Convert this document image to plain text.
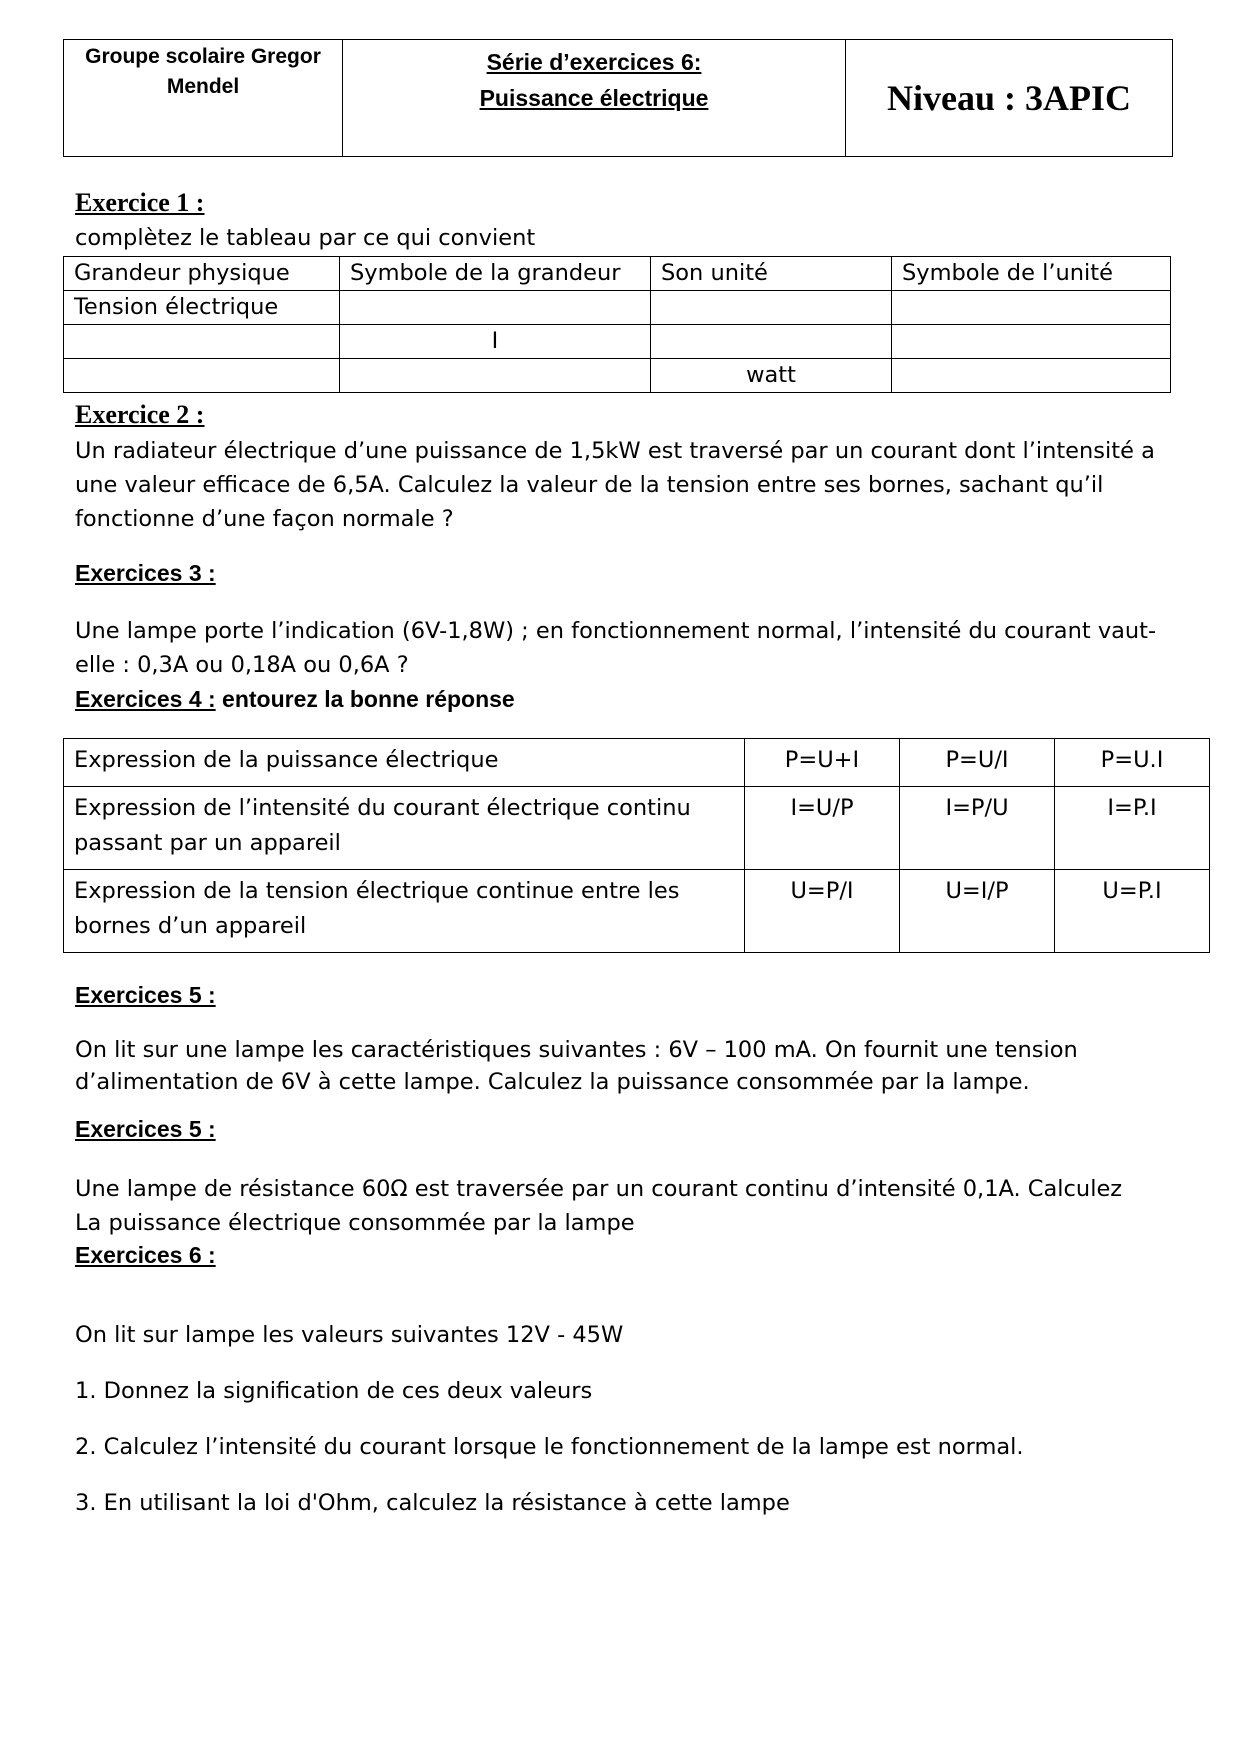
Groupe scolaire Gregor Mendel	
Série d’exercices 6:
Puissance électrique	Niveau : 3APIC
Exercice 1 :
complètez le tableau par ce qui convient
Grandeur physique	Symbole de la grandeur	Son unité	Symbole de l’unité
Tension électrique			
	I		
		watt	
Exercice 2 :
Un radiateur électrique d’une puissance de 1,5kW est traversé par un courant dont l’intensité a
une valeur efficace de 6,5A. Calculez la valeur de la tension entre ses bornes, sachant qu’il
fonctionne d’une façon normale ?
Exercices 3 :
Une lampe porte l’indication (6V-1,8W) ; en fonctionnement normal, l’intensité du courant vaut-
elle : 0,3A ou 0,18A ou 0,6A ?
Exercices 4 : entourez la bonne réponse
Expression de la puissance électrique	P=U+I	P=U/I	P=U.I
Expression de l’intensité du courant électrique continu passant par un appareil	I=U/P	I=P/U	I=P.I
Expression de la tension électrique continue entre les bornes d’un appareil	U=P/I	U=I/P	U=P.I
Exercices 5 :
On lit sur une lampe les caractéristiques suivantes : 6V – 100 mA. On fournit une tension
d’alimentation de 6V à cette lampe. Calculez la puissance consommée par la lampe.
Exercices 5 :
Une lampe de résistance 60Ω est traversée par un courant continu d’intensité 0,1A. Calculez
La puissance électrique consommée par la lampe
Exercices 6 :
On lit sur lampe les valeurs suivantes 12V - 45W
1. Donnez la signification de ces deux valeurs
2. Calculez l’intensité du courant lorsque le fonctionnement de la lampe est normal.
3. En utilisant la loi d'Ohm, calculez la résistance à cette lampe
